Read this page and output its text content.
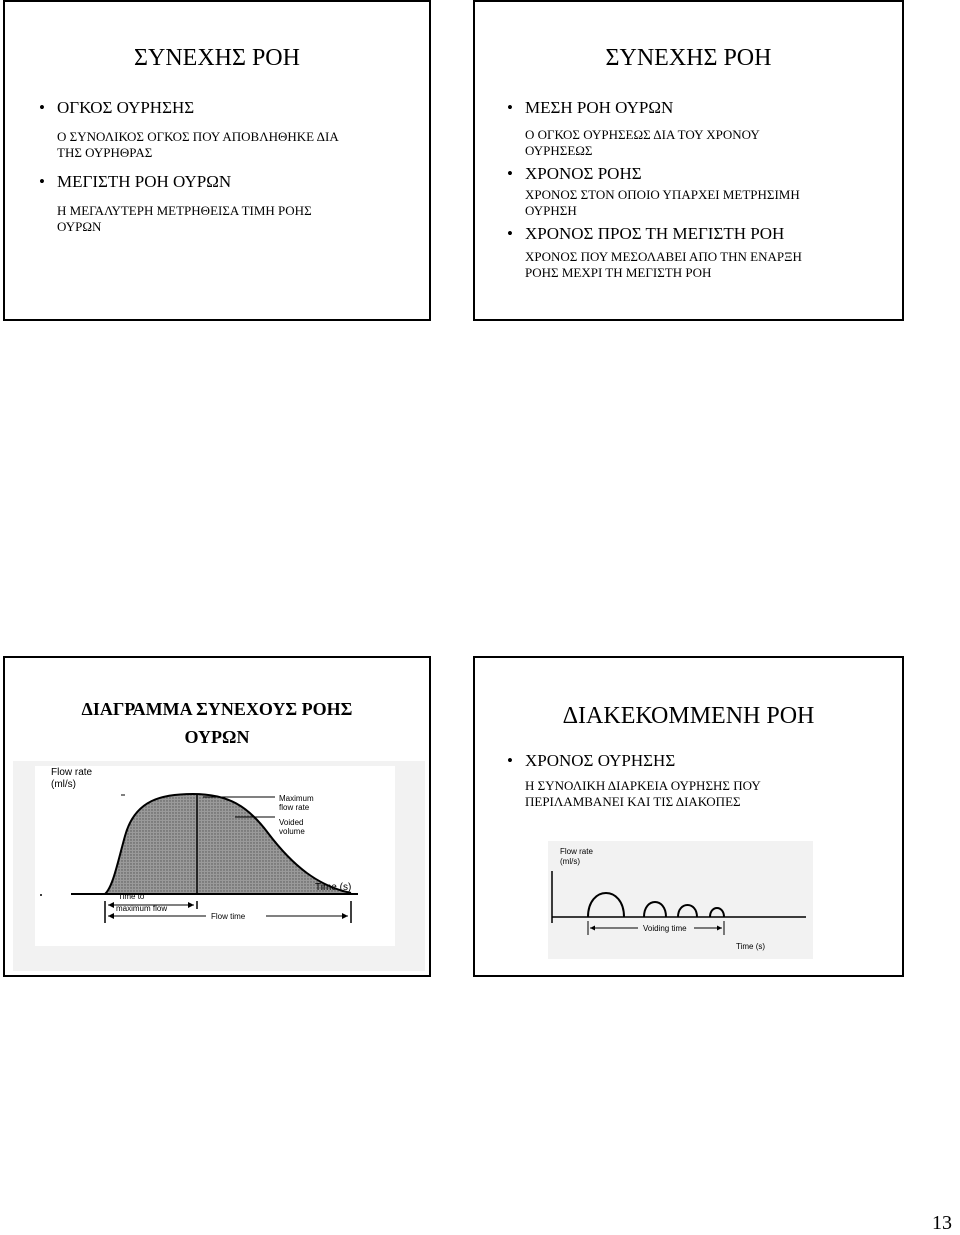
ΣΥΝΕΧΗΣ ΡΟΗ
• ΟΓΚΟΣ ΟΥΡΗΣΗΣ
Ο ΣΥΝΟΛΙΚΟΣ ΟΓΚΟΣ ΠΟΥ ΑΠΟΒΛΗΘΗΚΕ ΔΙΑ
ΤΗΣ ΟΥΡΗΘΡΑΣ
• ΜΕΓΙΣΤΗ ΡΟΗ ΟΥΡΩΝ
Η ΜΕΓΑΛΥΤΕΡΗ ΜΕΤΡΗΘΕΙΣΑ ΤΙΜΗ ΡΟΗΣ
ΟΥΡΩΝ
ΣΥΝΕΧΗΣ ΡΟΗ
• ΜΕΣΗ ΡΟΗ ΟΥΡΩΝ
Ο ΟΓΚΟΣ ΟΥΡΗΣΕΩΣ ΔΙΑ ΤΟΥ ΧΡΟΝΟΥ
ΟΥΡΗΣΕΩΣ
• ΧΡΟΝΟΣ ΡΟΗΣ
ΧΡΟΝΟΣ ΣΤΟΝ ΟΠΟΙΟ ΥΠΑΡΧΕΙ ΜΕΤΡΗΣΙΜΗ
ΟΥΡΗΣΗ
• ΧΡΟΝΟΣ ΠΡΟΣ ΤΗ ΜΕΓΙΣΤΗ ΡΟΗ
ΧΡΟΝΟΣ ΠΟΥ ΜΕΣΟΛΑΒΕΙ ΑΠΟ ΤΗΝ ΕΝΑΡΞΗ
ΡΟΗΣ ΜΕΧΡΙ ΤΗ ΜΕΓΙΣΤΗ ΡΟΗ
ΔΙΑΓΡΑΜΜΑ ΣΥΝΕΧΟΥΣ ΡΟΗΣ
ΟΥΡΩΝ
Flow rate
(ml/s)
Maximum
flow rate
Voided
volume
Time to
maximum flow
Time (s)
Flow time
ΔΙΑΚΕΚΟΜΜΕΝΗ ΡΟΗ
• ΧΡΟΝΟΣ ΟΥΡΗΣΗΣ
Η ΣΥΝΟΛΙΚΗ ΔΙΑΡΚΕΙΑ ΟΥΡΗΣΗΣ ΠΟΥ
ΠΕΡΙΛΑΜΒΑΝΕΙ ΚΑΙ ΤΙΣ ΔΙΑΚΟΠΕΣ
Flow rate
(ml/s)
Voiding time
Time (s)
13
